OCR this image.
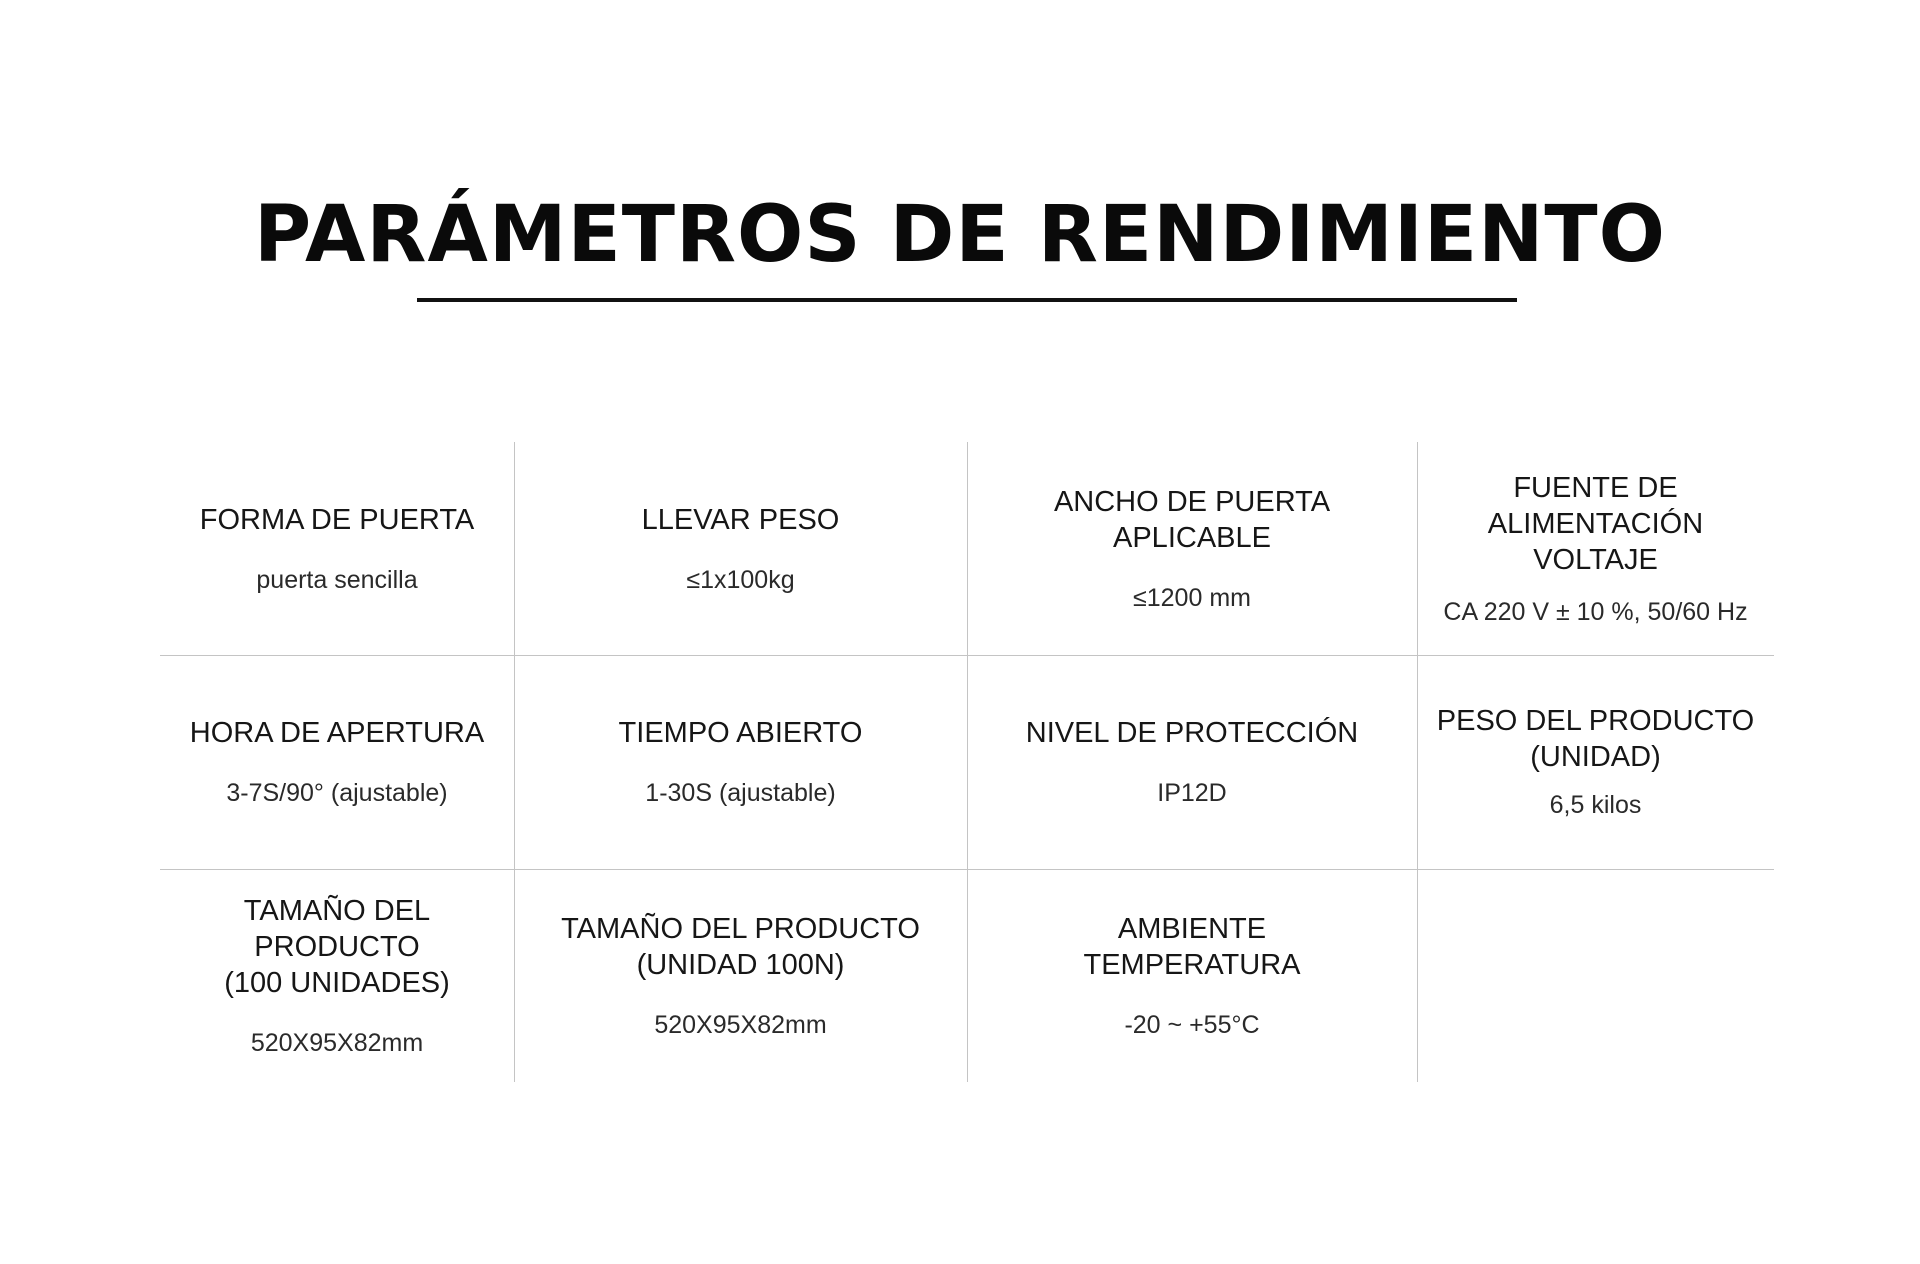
PARÁMETROS DE RENDIMIENTO
FORMA DE PUERTA
puerta sencilla
LLEVAR PESO
≤1x100kg
ANCHO DE PUERTA APLICABLE
≤1200 mm
FUENTE DE ALIMENTACIÓN
VOLTAJE
CA 220 V ± 10 %, 50/60 Hz
HORA DE APERTURA
3-7S/90° (ajustable)
TIEMPO ABIERTO
1-30S (ajustable)
NIVEL DE PROTECCIÓN
IP12D
PESO DEL PRODUCTO
(UNIDAD)
6,5 kilos
TAMAÑO DEL PRODUCTO
(100 UNIDADES)
520X95X82mm
TAMAÑO DEL PRODUCTO
(UNIDAD 100N)
520X95X82mm
AMBIENTE
TEMPERATURA
-20 ~ +55°C
